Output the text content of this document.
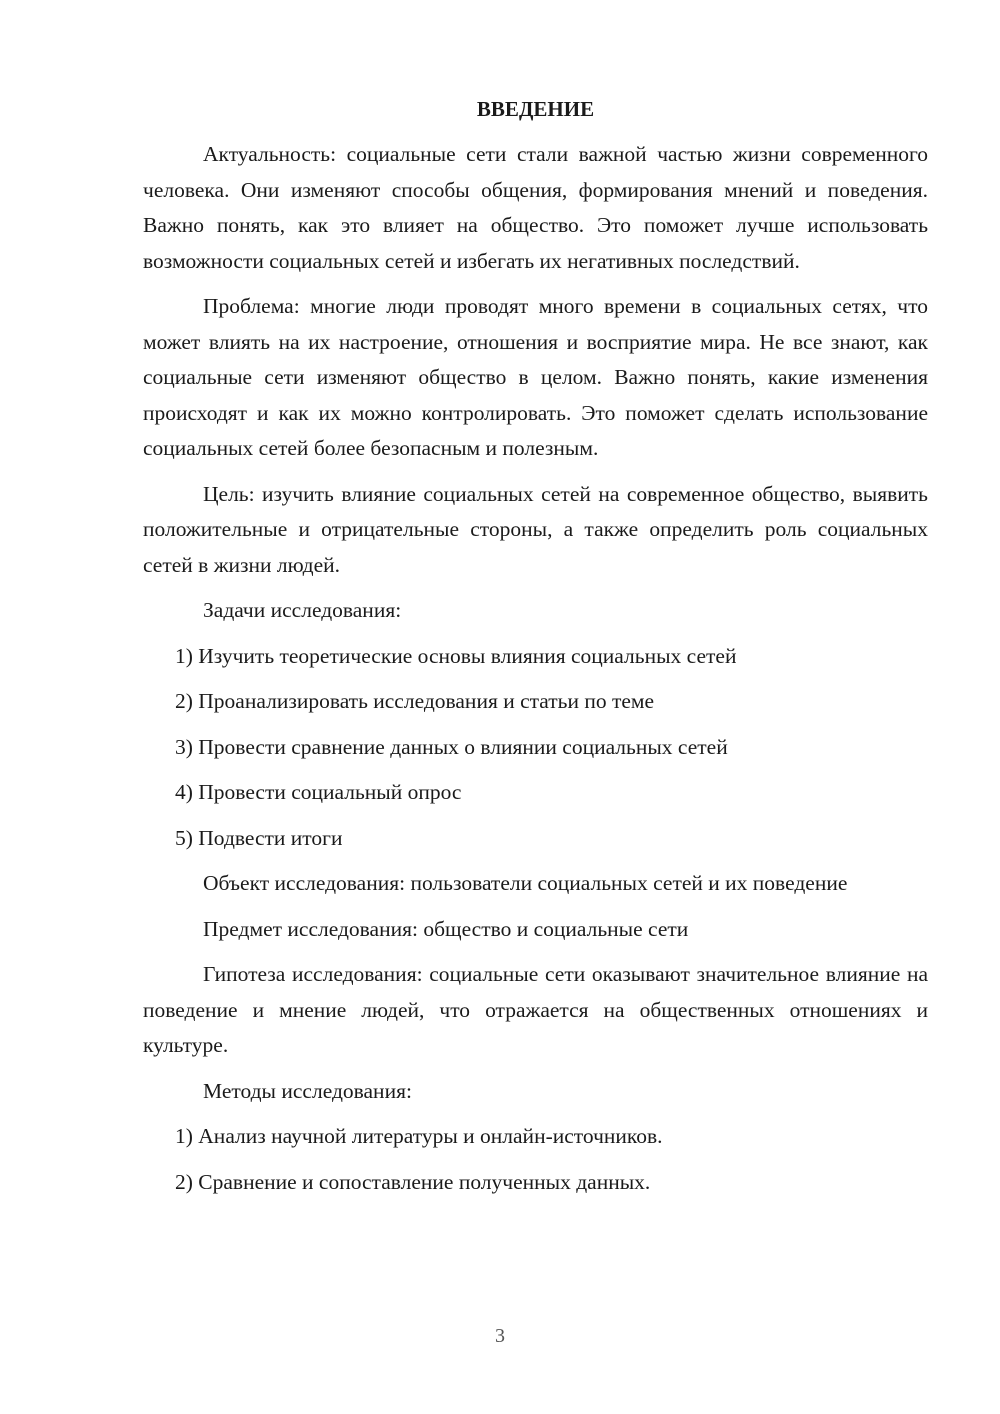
ВВЕДЕНИЕ

Актуальность: социальные сети стали важной частью жизни современного человека. Они изменяют способы общения, формирования мнений и поведения. Важно понять, как это влияет на общество. Это поможет лучше использовать возможности социальных сетей и избегать их негативных последствий.

Проблема: многие люди проводят много времени в социальных сетях, что может влиять на их настроение, отношения и восприятие мира. Не все знают, как социальные сети изменяют общество в целом. Важно понять, какие изменения происходят и как их можно контролировать. Это поможет сделать использование социальных сетей более безопасным и полезным.

Цель: изучить влияние социальных сетей на современное общество, выявить положительные и отрицательные стороны, а также определить роль социальных сетей в жизни людей.

Задачи исследования:

1) Изучить теоретические основы влияния социальных сетей

2) Проанализировать исследования и статьи по теме

3) Провести сравнение данных о влиянии социальных сетей

4) Провести социальный опрос

5) Подвести итоги

Объект исследования: пользователи социальных сетей и их поведение

Предмет исследования: общество и социальные сети

Гипотеза исследования: социальные сети оказывают значительное влияние на поведение и мнение людей, что отражается на общественных отношениях и культуре.

Методы исследования:

1) Анализ научной литературы и онлайн-источников.

2) Сравнение и сопоставление полученных данных.

3
